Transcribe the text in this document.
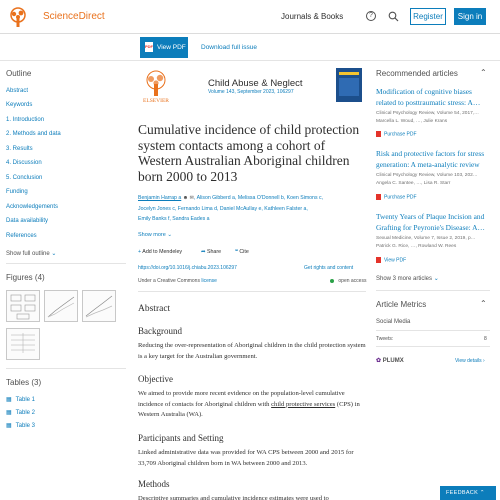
ScienceDirect	Journals & Books	?	Register	Sign in
View PDF
PDF	Download full issue
Outline
Abstract
Keywords
1. Introduction
2. Methods and data
3. Results
4. Discussion
5. Conclusion
Funding
Acknowledgements
Data availability
References
Show full outline ⌄
Figures (4)
Tables (3)
▦ Table 1
▦ Table 2
▦ Table 3
ELSEVIER
Child Abuse & Neglect
Volume 143, September 2023, 106297
Cumulative incidence of child protection system contacts among a cohort of Western Australian Aboriginal children born 2000 to 2013
Benjamin Harrap a ☻ ✉, Alison Gibberd a, Melissa O'Donnell b, Koen Simons c,
Jocelyn Jones c, Fernando Lima d, Daniel McAullay e, Kathleen Falster a,
Emily Banks f, Sandra Eades a
Show more ⌄
+ Add to Mendeley	➦ Share	❝ Cite
https://doi.org/10.1016/j.chiabu.2023.106297	Get rights and content
Under a Creative Commons license	open access
Abstract
Background
Reducing the over-representation of Aboriginal children in the child protection system is a key target for the Australian government.
Objective
We aimed to provide more recent evidence on the population-level cumulative incidence of contacts for Aboriginal children with child protective services (CPS) in Western Australia (WA).
Participants and Setting
Linked administrative data was provided for WA CPS between 2000 and 2015 for 33,709 Aboriginal children born in WA between 2000 and 2013.
Methods
Descriptive summaries and cumulative incidence estimates were used to
Recommended articles	⌃
Modification of cognitive biases related to posttraumatic stress: A…
Clinical Psychology Review, Volume 54, 2017,…
Marcella L. Woud, …, Julie Krans
Purchase PDF
Risk and protective factors for stress generation: A meta-analytic review
Clinical Psychology Review, Volume 103, 202…
Angela C. Santee, …, Lisa R. Starr
Purchase PDF
Twenty Years of Plaque Incision and Grafting for Peyronie's Disease: A…
Sexual Medicine, Volume 7, Issue 2, 2019, p…
Patrick G. Rice, …, Rowland W. Rees
View PDF
Show 3 more articles ⌄
Article Metrics	⌃
Social Media
Tweets:	8
✿ PLUMX	View details ›
FEEDBACK ⌃
